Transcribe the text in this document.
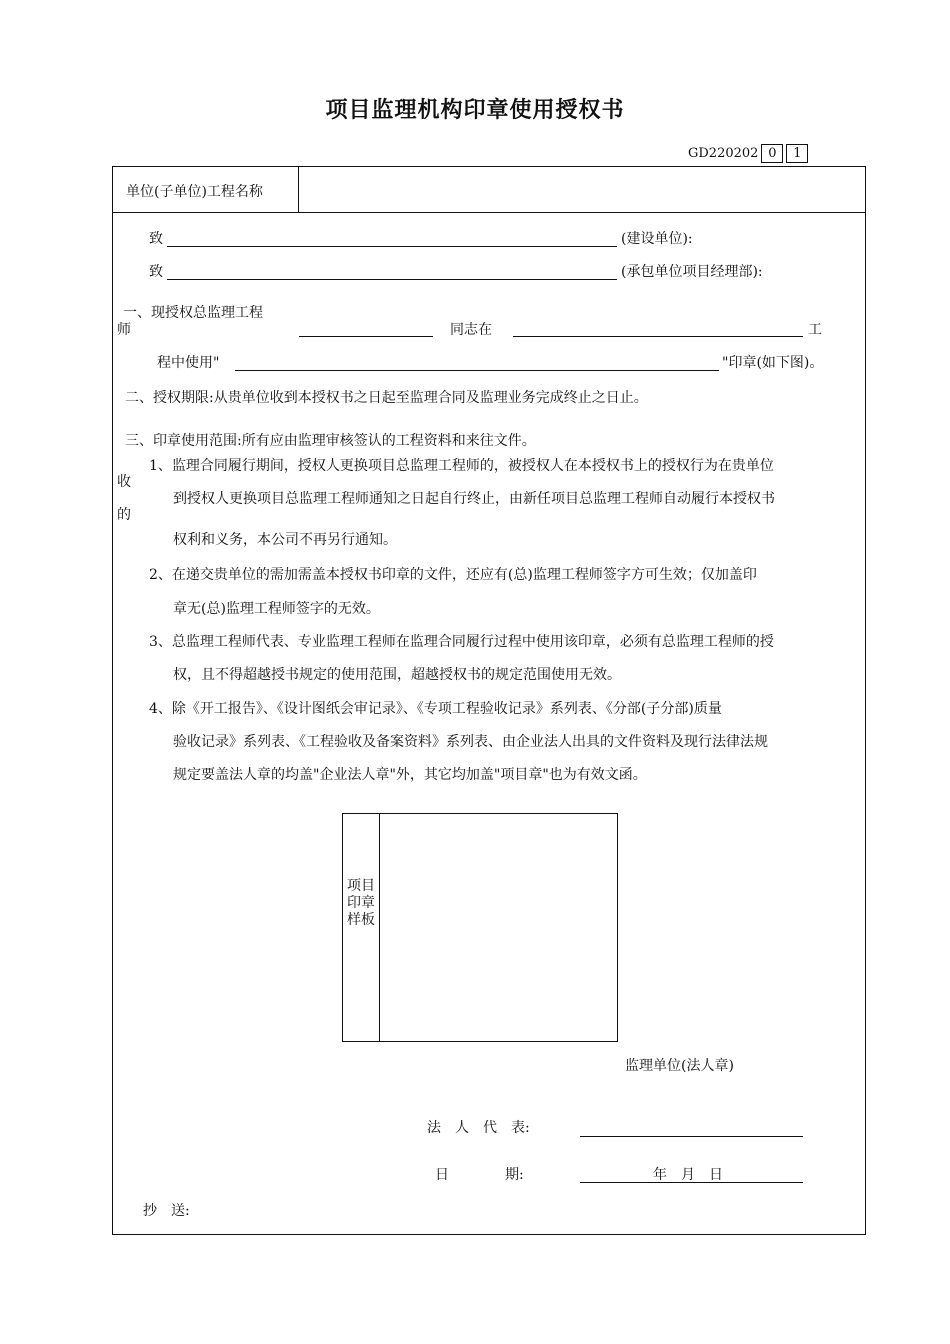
项目监理机构印章使用授权书
GD220202 0	1
单位(子单位)工程名称
致	(建设单位):
致	(承包单位项目经理部):
一、现授权总监理工程
师	同志在	工
程中使用"	"印章(如下图)。
二、授权期限:从贵单位收到本授权书之日起至监理合同及监理业务完成终止之日止。
三、印章使用范围:所有应由监理审核签认的工程资料和来往文件。
1、监理合同履行期间，授权人更换项目总监理工程师的，被授权人在本授权书上的授权行为在贵单位
收
到授权人更换项目总监理工程师通知之日起自行终止，由新任项目总监理工程师自动履行本授权书
的
权利和义务，本公司不再另行通知。
2、在递交贵单位的需加需盖本授权书印章的文件，还应有(总)监理工程师签字方可生效；仅加盖印
章无(总)监理工程师签字的无效。
3、总监理工程师代表、专业监理工程师在监理合同履行过程中使用该印章，必须有总监理工程师的授
权，且不得超越授书规定的使用范围，超越授权书的规定范围使用无效。
4、除《开工报告》、《设计图纸会审记录》、《专项工程验收记录》系列表、《分部(子分部)质量
验收记录》系列表、《工程验收及备案资料》系列表、由企业法人出具的文件资料及现行法律法规
规定要盖法人章的均盖"企业法人章"外，其它均加盖"项目章"也为有效文函。
监理单位(法人章)
法　人　代　表:
日　　　　期:	年　月　日
抄　送:
项目印章样板
